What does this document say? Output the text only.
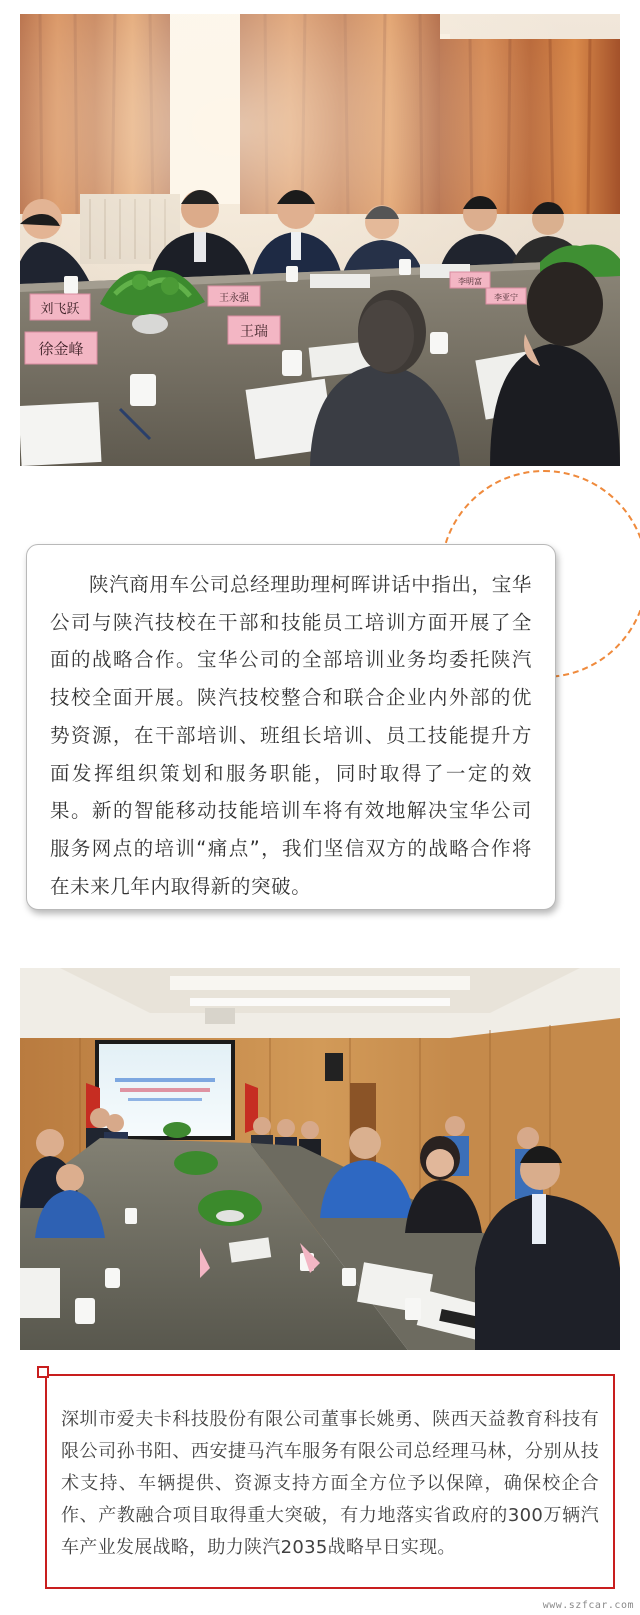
刘飞跃
徐金峰
王永强
王瑞
李明富
李亚宁

陕汽商用车公司总经理助理柯晖讲话中指出，宝华公司与陕汽技校在干部和技能员工培训方面开展了全面的战略合作。宝华公司的全部培训业务均委托陕汽技校全面开展。陕汽技校整合和联合企业内外部的优势资源，在干部培训、班组长培训、员工技能提升方面发挥组织策划和服务职能，同时取得了一定的效果。新的智能移动技能培训车将有效地解决宝华公司服务网点的培训“痛点”，我们坚信双方的战略合作将在未来几年内取得新的突破。

深圳市爱夫卡科技股份有限公司董事长姚勇、陕西天益教育科技有限公司孙书阳、西安捷马汽车服务有限公司总经理马林，分别从技术支持、车辆提供、资源支持方面全方位予以保障，确保校企合作、产教融合项目取得重大突破，有力地落实省政府的300万辆汽车产业发展战略，助力陕汽2035战略早日实现。

www.szfcar.com
